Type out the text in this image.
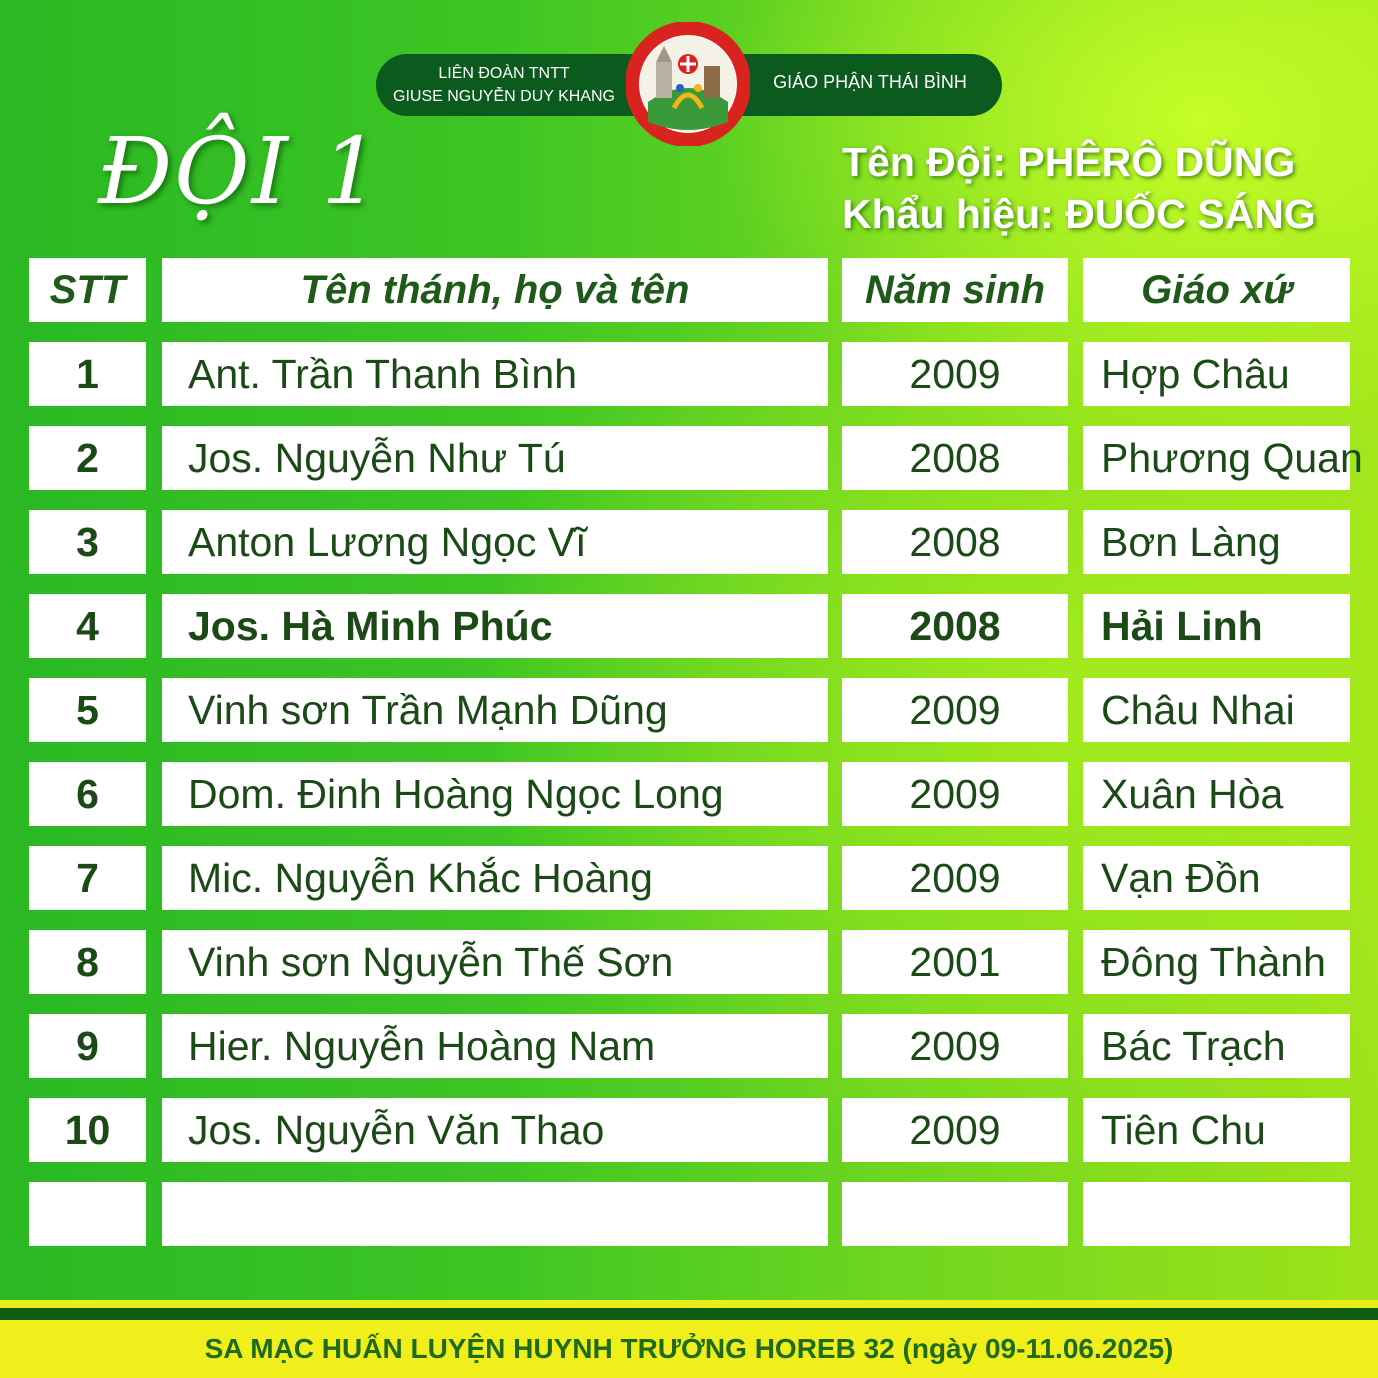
LIÊN ĐOÀN TNTT
GIUSE NGUYỄN DUY KHANG
GIÁO PHẬN THÁI BÌNH
ĐỘI 1	Tên Đội: PHÊRÔ DŨNG
Khẩu hiệu: ĐUỐC SÁNG
STT	Tên thánh, họ và tên	Năm sinh	Giáo xứ
1	Ant. Trần Thanh Bình	2009	Hợp Châu
2	Jos. Nguyễn Như Tú	2008	Phương Quan
3	Anton Lương Ngọc Vĩ	2008	Bơn Làng
4	Jos. Hà Minh Phúc	2008	Hải Linh
5	Vinh sơn Trần Mạnh Dũng	2009	Châu Nhai
6	Dom. Đinh Hoàng Ngọc Long	2009	Xuân Hòa
7	Mic. Nguyễn Khắc Hoàng	2009	Vạn Đồn
8	Vinh sơn Nguyễn Thế Sơn	2001	Đông Thành
9	Hier. Nguyễn Hoàng Nam	2009	Bác Trạch
10	Jos. Nguyễn Văn Thao	2009	Tiên Chu
SA MẠC HUẤN LUYỆN HUYNH TRƯỞNG HOREB 32 (ngày 09-11.06.2025)
